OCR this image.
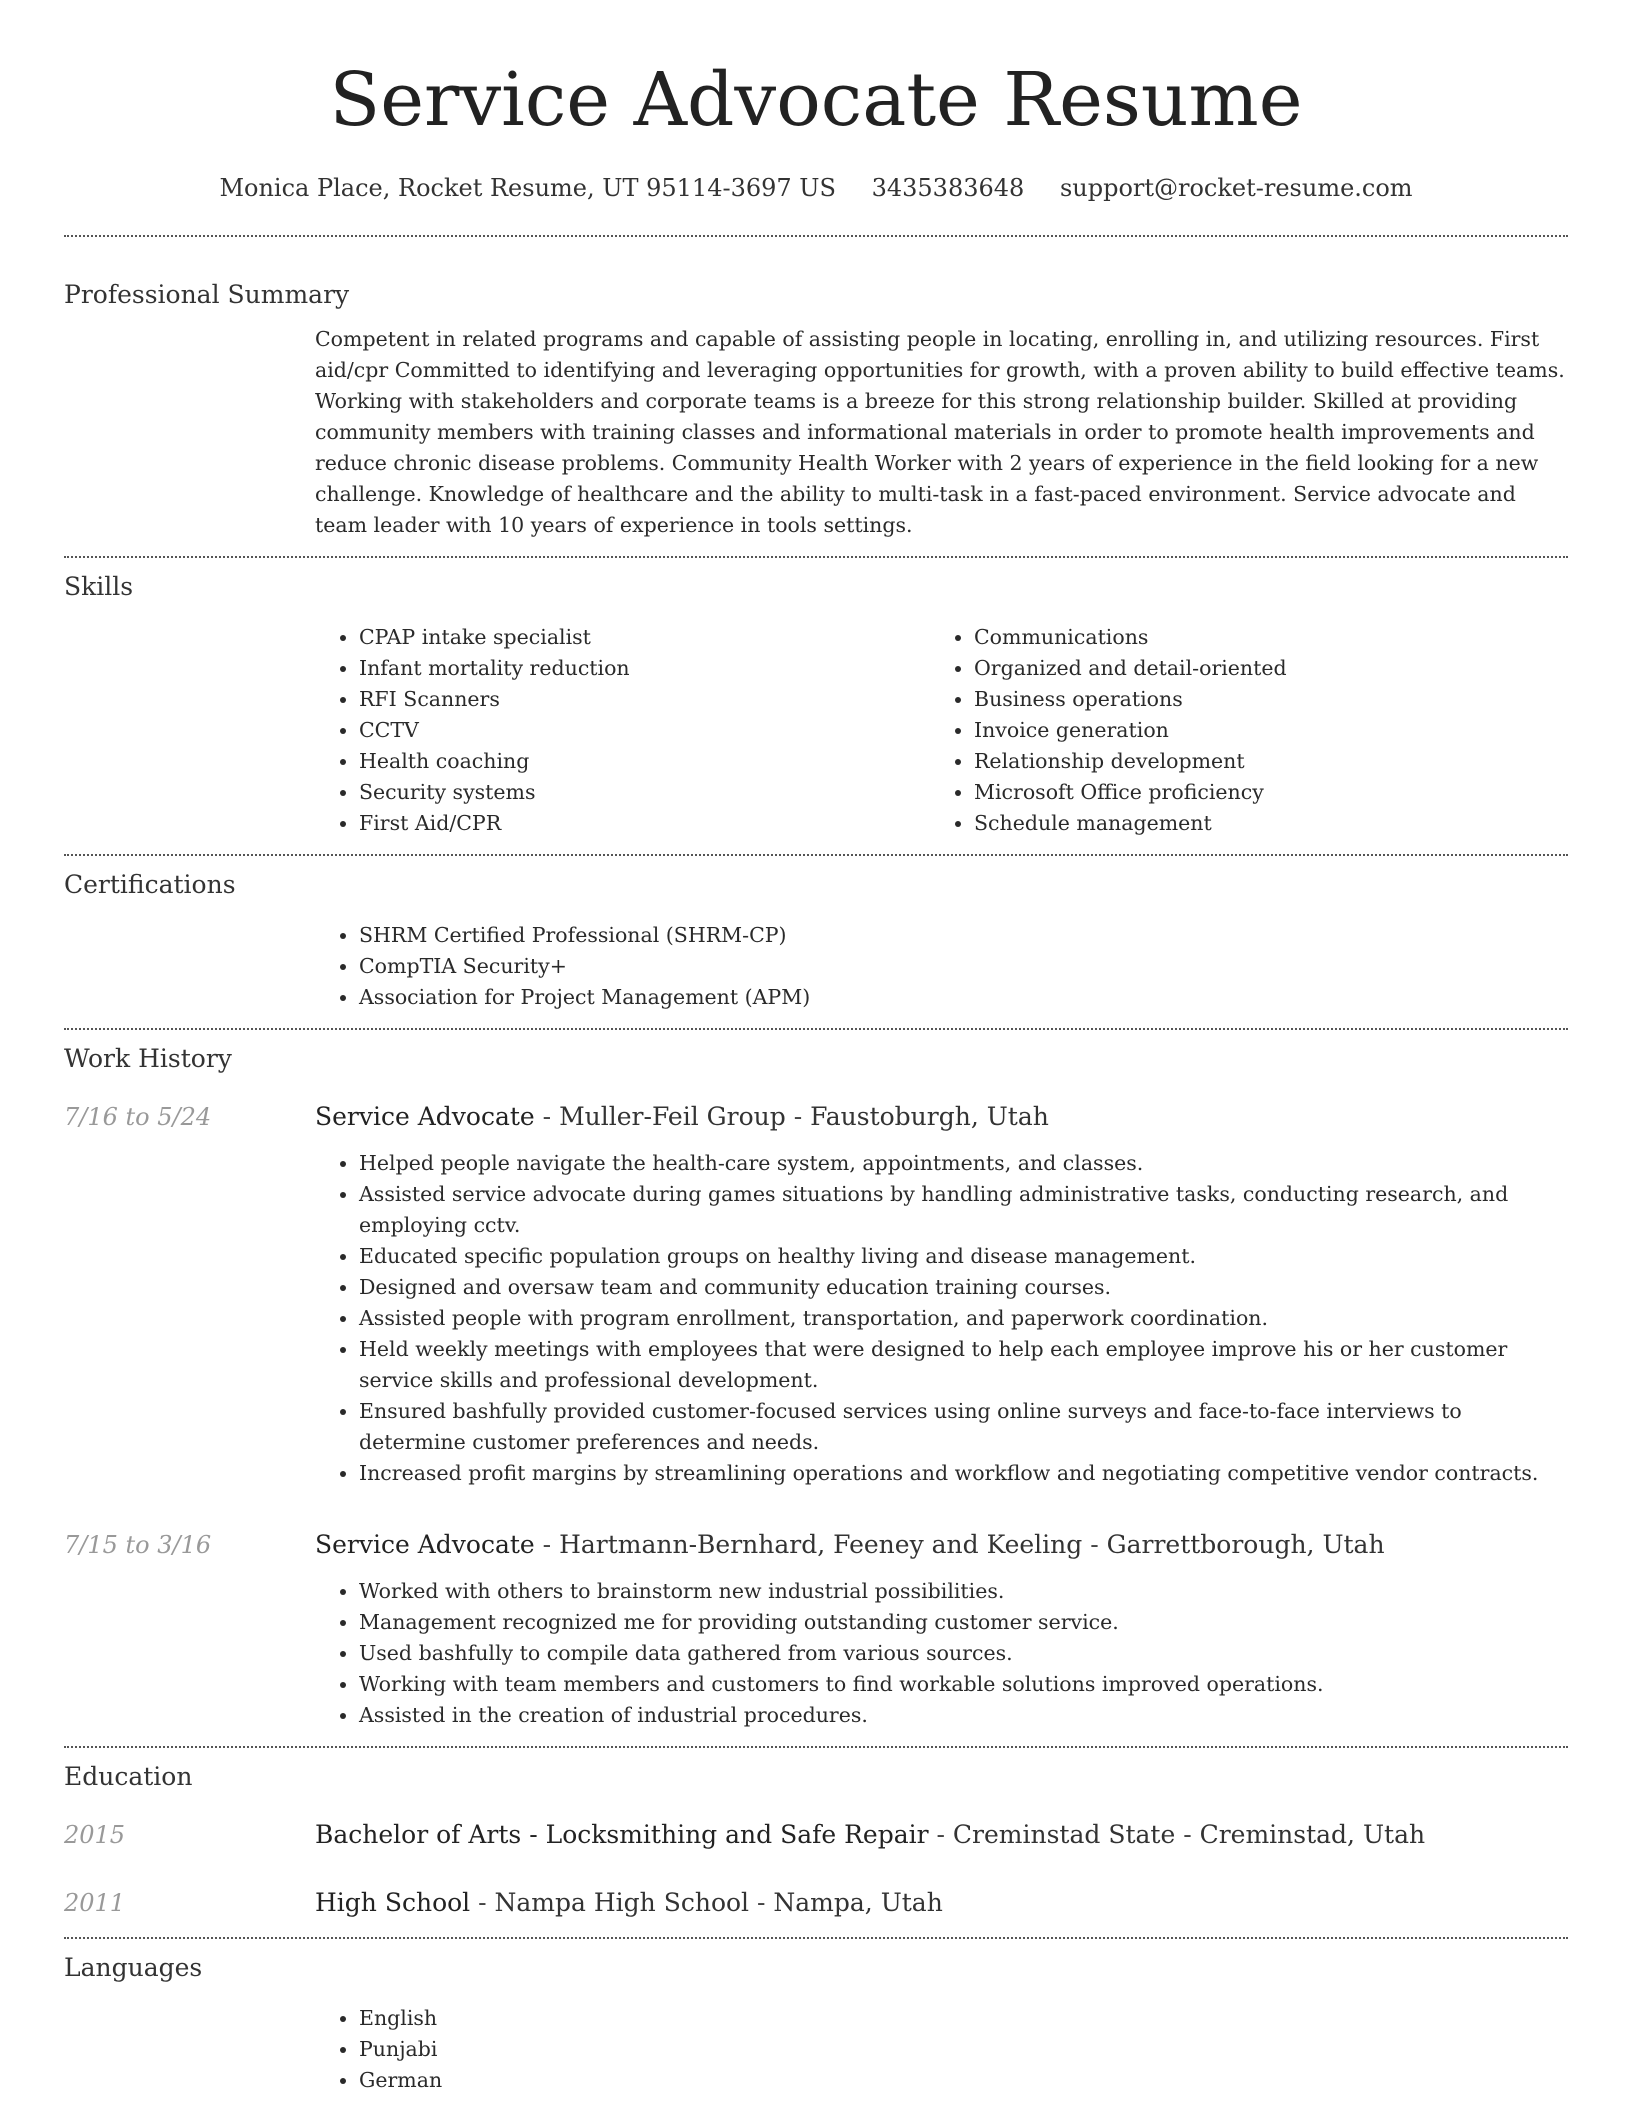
Service Advocate Resume
Monica Place, Rocket Resume, UT 95114-3697 US 3435383648 support@rocket-resume.com
Professional Summary

Competent in related programs and capable of assisting people in locating, enrolling in, and utilizing resources. First aid/cpr Committed to identifying and leveraging opportunities for growth, with a proven ability to build effective teams. Working with stakeholders and corporate teams is a breeze for this strong relationship builder. Skilled at providing community members with training classes and informational materials in order to promote health improvements and reduce chronic disease problems. Community Health Worker with 2 years of experience in the field looking for a new challenge. Knowledge of healthcare and the ability to multi-task in a fast-paced environment. Service advocate and team leader with 10 years of experience in tools settings.

Skills
• CPAP intake specialist
• Infant mortality reduction
• RFI Scanners
• CCTV
• Health coaching
• Security systems
• First Aid/CPR
• Communications
• Organized and detail-oriented
• Business operations
• Invoice generation
• Relationship development
• Microsoft Office proficiency
• Schedule management
Certifications
• SHRM Certified Professional (SHRM-CP)
• CompTIA Security+
• Association for Project Management (APM)
Work History
7/16 to 5/24	Service Advocate - Muller-Feil Group - Faustoburgh, Utah
• Helped people navigate the health-care system, appointments, and classes.
• Assisted service advocate during games situations by handling administrative tasks, conducting research, and employing cctv.
• Educated specific population groups on healthy living and disease management.
• Designed and oversaw team and community education training courses.
• Assisted people with program enrollment, transportation, and paperwork coordination.
• Held weekly meetings with employees that were designed to help each employee improve his or her customer service skills and professional development.
• Ensured bashfully provided customer-focused services using online surveys and face-to-face interviews to determine customer preferences and needs.
• Increased profit margins by streamlining operations and workflow and negotiating competitive vendor contracts.
7/15 to 3/16	Service Advocate - Hartmann-Bernhard, Feeney and Keeling - Garrettborough, Utah
• Worked with others to brainstorm new industrial possibilities.
• Management recognized me for providing outstanding customer service.
• Used bashfully to compile data gathered from various sources.
• Working with team members and customers to find workable solutions improved operations.
• Assisted in the creation of industrial procedures.
Education
2015	Bachelor of Arts - Locksmithing and Safe Repair - Creminstad State - Creminstad, Utah
2011	High School - Nampa High School - Nampa, Utah
Languages
• English
• Punjabi
• German
